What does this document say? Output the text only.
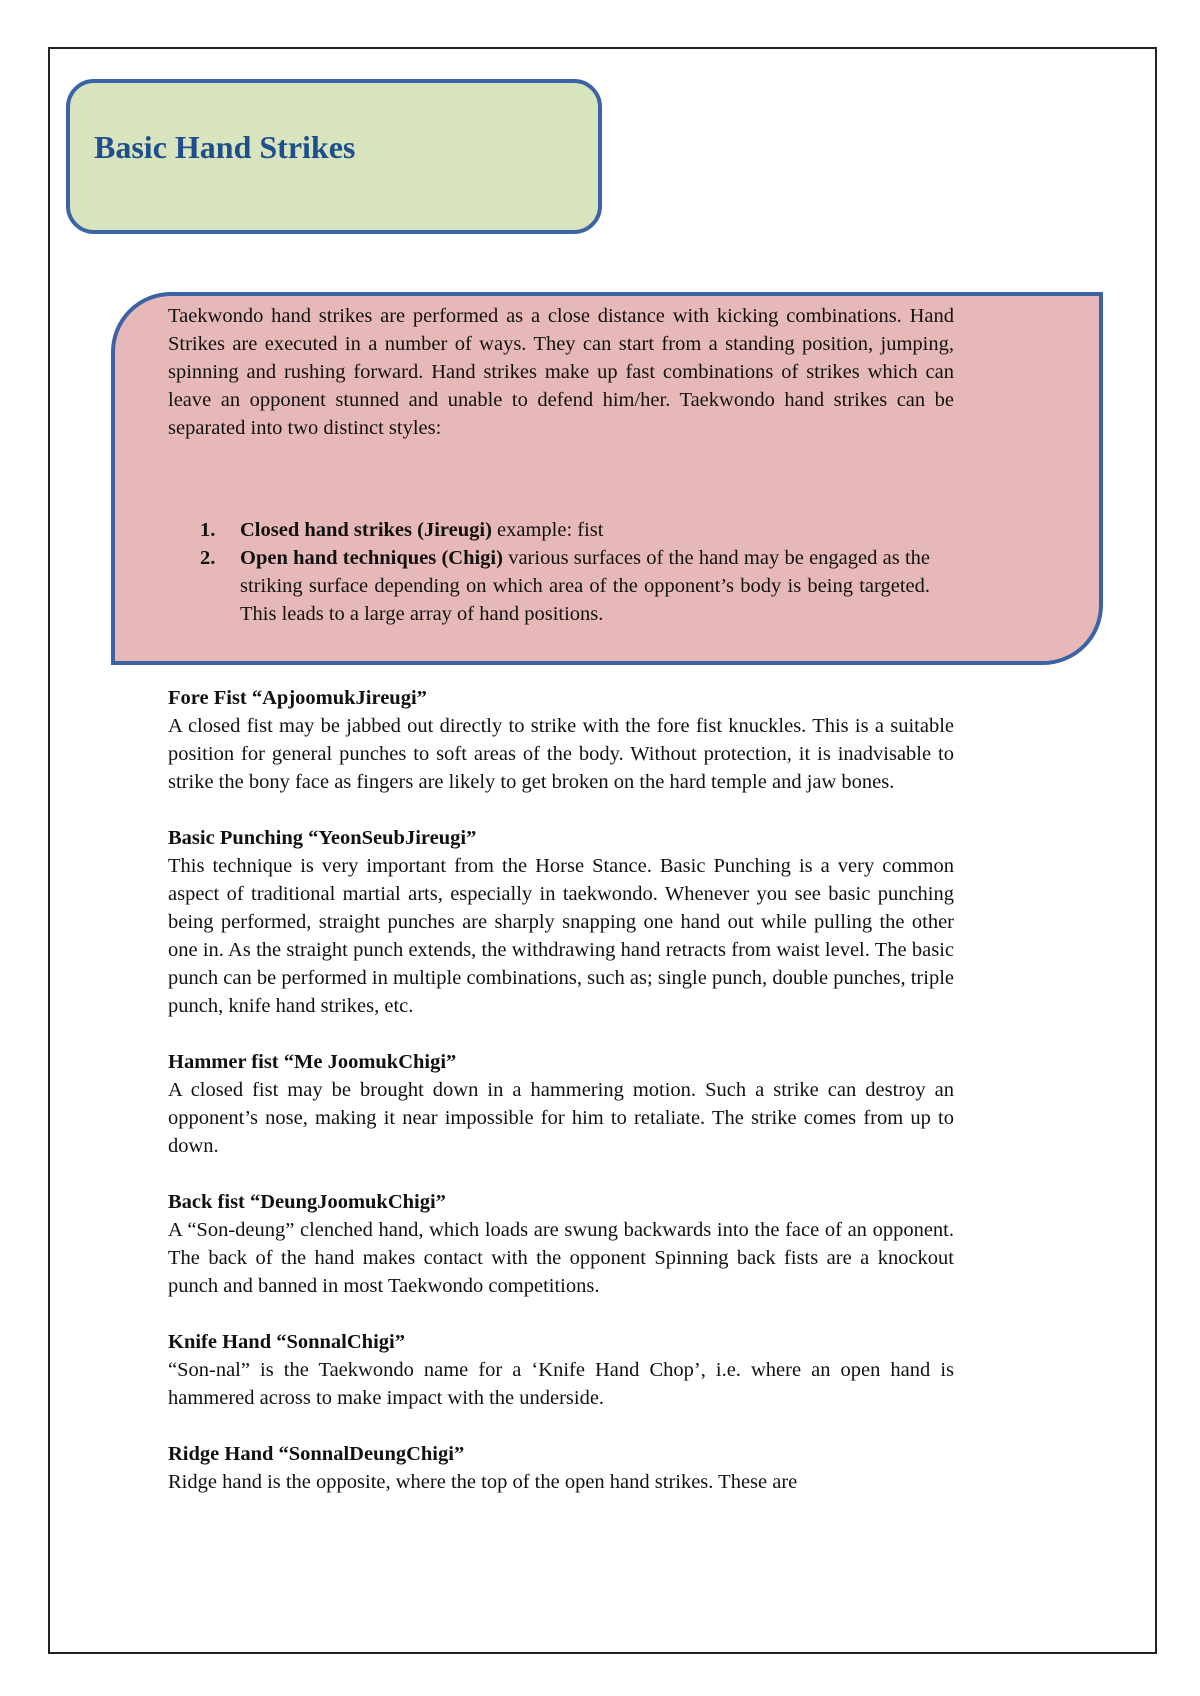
Basic Hand Strikes

Taekwondo hand strikes are performed as a close distance with kicking combinations. Hand Strikes are executed in a number of ways. They can start from a standing position, jumping, spinning and rushing forward. Hand strikes make up fast combinations of strikes which can leave an opponent stunned and unable to defend him/her. Taekwondo hand strikes can be separated into two distinct styles:

1. Closed hand strikes (Jireugi) example: fist
2. Open hand techniques (Chigi) various surfaces of the hand may be engaged as the striking surface depending on which area of the opponent’s body is being targeted. This leads to a large array of hand positions.
Fore Fist “ApjoomukJireugi”

A closed fist may be jabbed out directly to strike with the fore fist knuckles. This is a suitable position for general punches to soft areas of the body. Without protection, it is inadvisable to strike the bony face as fingers are likely to get broken on the hard temple and jaw bones.

Basic Punching “YeonSeubJireugi”

This technique is very important from the Horse Stance. Basic Punching is a very common aspect of traditional martial arts, especially in taekwondo. Whenever you see basic punching being performed, straight punches are sharply snapping one hand out while pulling the other one in. As the straight punch extends, the withdrawing hand retracts from waist level. The basic punch can be performed in multiple combinations, such as; single punch, double punches, triple punch, knife hand strikes, etc.

Hammer fist “Me JoomukChigi”

A closed fist may be brought down in a hammering motion. Such a strike can destroy an opponent’s nose, making it near impossible for him to retaliate. The strike comes from up to down.

Back fist “DeungJoomukChigi”

A “Son-deung” clenched hand, which loads are swung backwards into the face of an opponent. The back of the hand makes contact with the opponent Spinning back fists are a knockout punch and banned in most Taekwondo competitions.

Knife Hand “SonnalChigi”

“Son-nal” is the Taekwondo name for a ‘Knife Hand Chop’, i.e. where an open hand is hammered across to make impact with the underside.

Ridge Hand “SonnalDeungChigi”

Ridge hand is the opposite, where the top of the open hand strikes. These are
